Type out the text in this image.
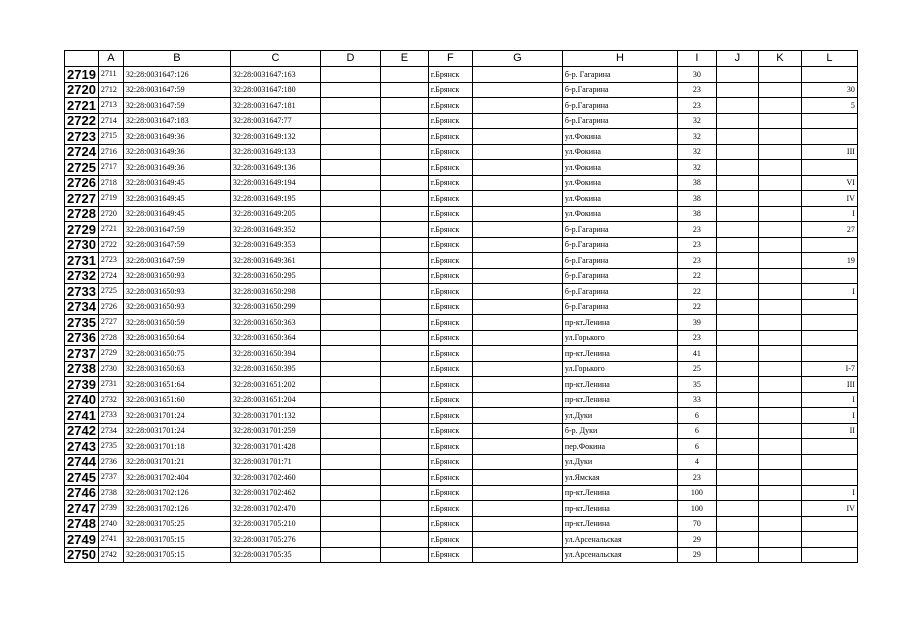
	A	B	C	D	E	F	G	H	I	J	K	L
2719	2711	32:28:0031647:126	32:28:0031647:163			г.Брянск		б-р. Гагарина	30			
2720	2712	32:28:0031647:59	32:28:0031647:180			г.Брянск		б-р.Гагарина	23			30
2721	2713	32:28:0031647:59	32:28:0031647:181			г.Брянск		б-р.Гагарина	23			5
2722	2714	32:28:0031647:183	32:28:0031647:77			г.Брянск		б-р.Гагарина	32			
2723	2715	32:28:0031649:36	32:28:0031649:132			г.Брянск		ул.Фокина	32			
2724	2716	32:28:0031649:36	32:28:0031649:133			г.Брянск		ул.Фокина	32			III
2725	2717	32:28:0031649:36	32:28:0031649:136			г.Брянск		ул.Фокина	32			
2726	2718	32:28:0031649:45	32:28:0031649:194			г.Брянск		ул.Фокина	38			VI
2727	2719	32:28:0031649:45	32:28:0031649:195			г.Брянск		ул.Фокина	38			IV
2728	2720	32:28:0031649:45	32:28:0031649:205			г.Брянск		ул.Фокина	38			I
2729	2721	32:28:0031647:59	32:28:0031649:352			г.Брянск		б-р.Гагарина	23			27
2730	2722	32:28:0031647:59	32:28:0031649:353			г.Брянск		б-р.Гагарина	23			
2731	2723	32:28:0031647:59	32:28:0031649:361			г.Брянск		б-р.Гагарина	23			19
2732	2724	32:28:0031650:93	32:28:0031650:295			г.Брянск		б-р.Гагарина	22			
2733	2725	32:28:0031650:93	32:28:0031650:298			г.Брянск		б-р.Гагарина	22			I
2734	2726	32:28:0031650:93	32:28:0031650:299			г.Брянск		б-р.Гагарина	22			
2735	2727	32:28:0031650:59	32:28:0031650:363			г.Брянск		пр-кт.Ленина	39			
2736	2728	32:28:0031650:64	32:28:0031650:364			г.Брянск		ул.Горького	23			
2737	2729	32:28:0031650:75	32:28:0031650:394			г.Брянск		пр-кт.Ленина	41			
2738	2730	32:28:0031650:63	32:28:0031650:395			г.Брянск		ул.Горького	25			I-7
2739	2731	32:28:0031651:64	32:28:0031651:202			г.Брянск		пр-кт.Ленина	35			III
2740	2732	32:28:0031651:60	32:28:0031651:204			г.Брянск		пр-кт.Ленина	33			I
2741	2733	32:28:0031701:24	32:28:0031701:132			г.Брянск		ул.Дуки	6			I
2742	2734	32:28:0031701:24	32:28:0031701:259			г.Брянск		б-р. Дуки	6			II
2743	2735	32:28:0031701:18	32:28:0031701:428			г.Брянск		пер.Фокина	6			
2744	2736	32:28:0031701:21	32:28:0031701:71			г.Брянск		ул.Дуки	4			
2745	2737	32:28:0031702:404	32:28:0031702:460			г.Брянск		ул.Ямская	23			
2746	2738	32:28:0031702:126	32:28:0031702:462			г.Брянск		пр-кт.Ленина	100			I
2747	2739	32:28:0031702:126	32:28:0031702:470			г.Брянск		пр-кт.Ленина	100			IV
2748	2740	32:28:0031705:25	32:28:0031705:210			г.Брянск		пр-кт.Ленина	70			
2749	2741	32:28:0031705:15	32:28:0031705:276			г.Брянск		ул.Арсенальская	29			
2750	2742	32:28:0031705:15	32:28:0031705:35			г.Брянск		ул.Арсенальская	29			
